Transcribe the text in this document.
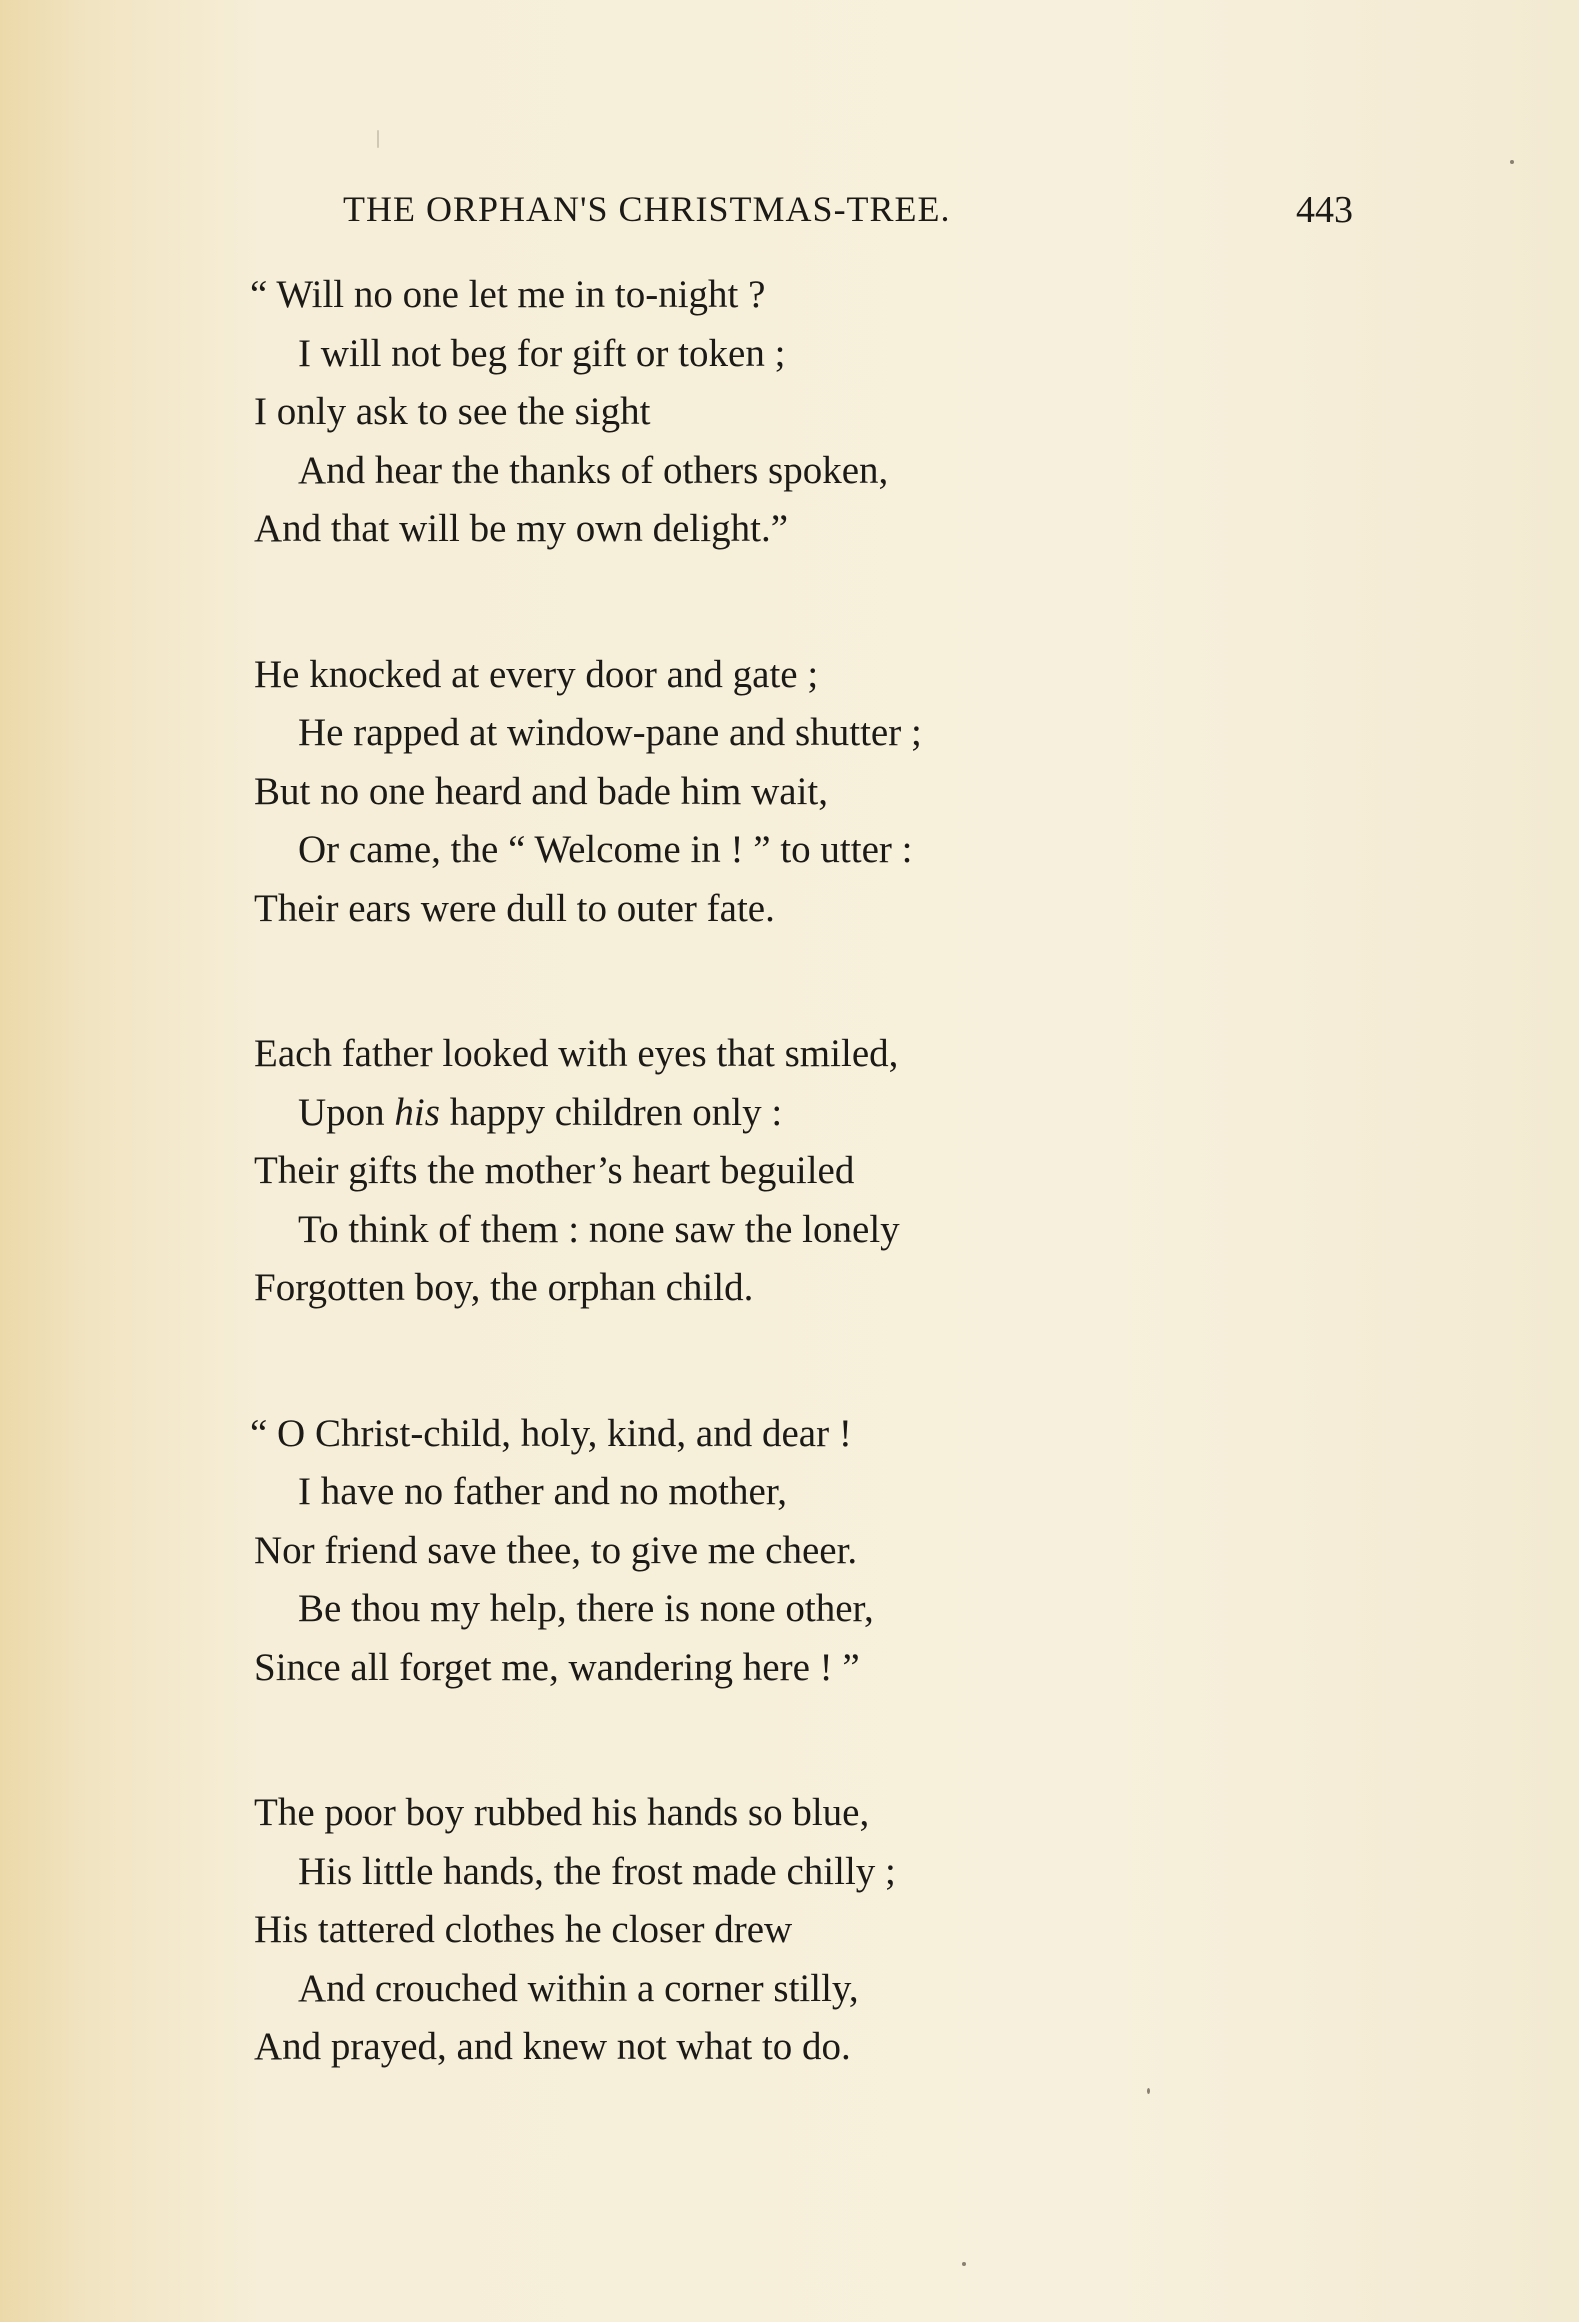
THE ORPHAN'S CHRISTMAS-TREE.	443
“ Will no one let me in to-night ?
I will not beg for gift or token ;
I only ask to see the sight
And hear the thanks of others spoken,
And that will be my own delight.”
He knocked at every door and gate ;
He rapped at window-pane and shutter ;
But no one heard and bade him wait,
Or came, the “ Welcome in ! ” to utter :
Their ears were dull to outer fate.
Each father looked with eyes that smiled,
Upon his happy children only :
Their gifts the mother’s heart beguiled
To think of them : none saw the lonely
Forgotten boy, the orphan child.
“ O Christ-child, holy, kind, and dear !
I have no father and no mother,
Nor friend save thee, to give me cheer.
Be thou my help, there is none other,
Since all forget me, wandering here ! ”
The poor boy rubbed his hands so blue,
His little hands, the frost made chilly ;
His tattered clothes he closer drew
And crouched within a corner stilly,
And prayed, and knew not what to do.
